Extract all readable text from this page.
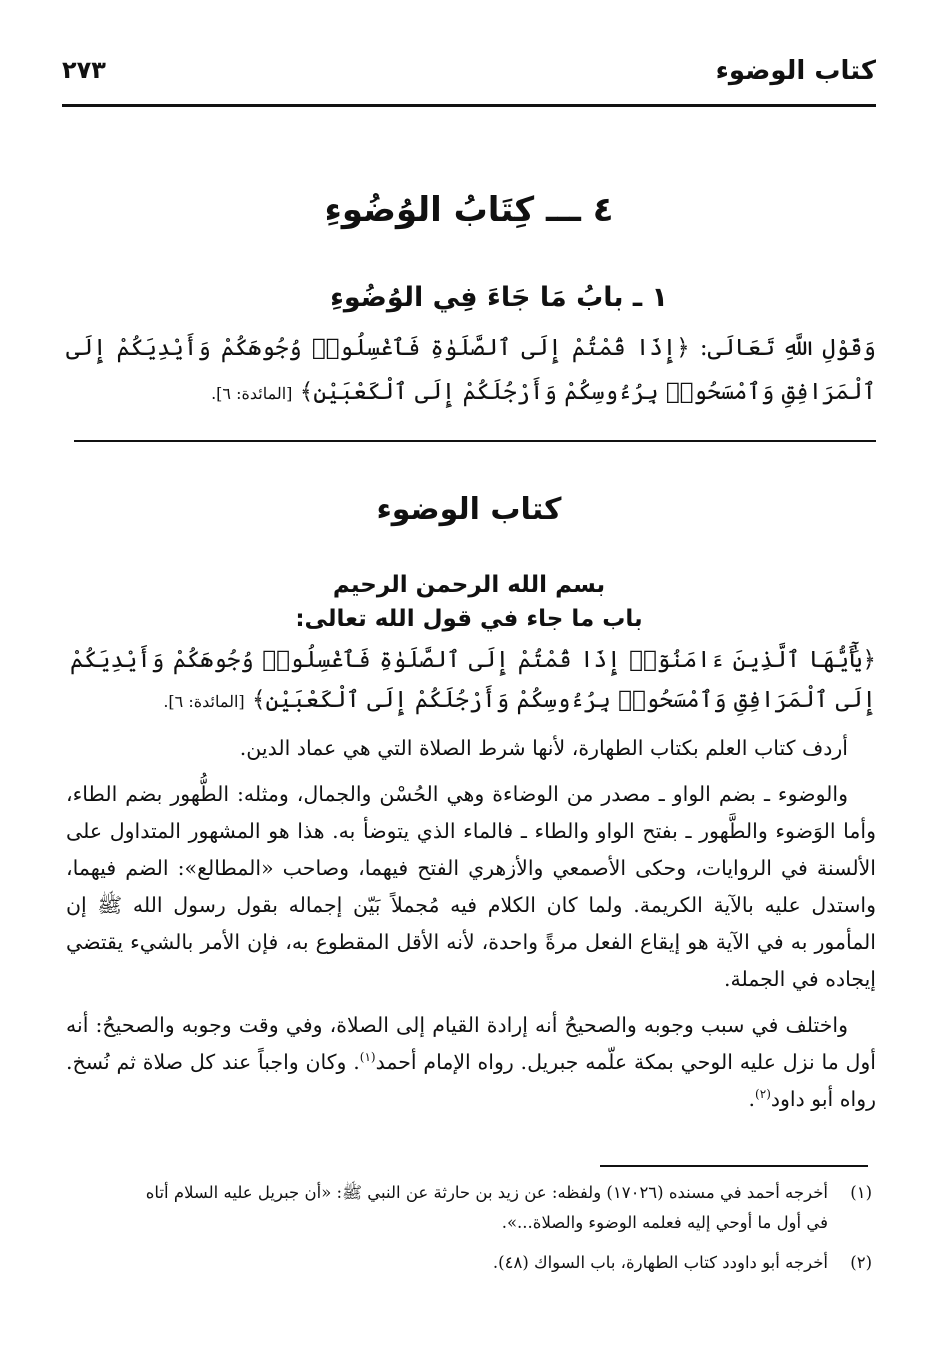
كتاب الوضوء
٢٧٣
٤ ـــ كِتَابُ الوُضُوءِ
١ ـ بابُ مَا جَاءَ فِي الوُضُوءِ
وَقَوْلِ اللَّهِ تَعَالَى: ﴿إِذَا قُمْتُمْ إِلَى ٱلصَّلَوٰةِ فَٱغْسِلُوا۟ وُجُوهَكُمْ وَأَيْدِيَكُمْ إِلَى ٱلْمَرَافِقِ وَٱمْسَحُوا۟ بِرُءُوسِكُمْ وَأَرْجُلَكُمْ إِلَى ٱلْكَعْبَيْنِ﴾ [المائدة: ٦].
كتاب الوضوء
بسم الله الرحمن الرحيم
باب ما جاء في قول الله تعالى:
﴿يَٰٓأَيُّهَا ٱلَّذِينَ ءَامَنُوٓا۟ إِذَا قُمْتُمْ إِلَى ٱلصَّلَوٰةِ فَٱغْسِلُوا۟ وُجُوهَكُمْ وَأَيْدِيَكُمْ إِلَى ٱلْمَرَافِقِ وَٱمْسَحُوا۟ بِرُءُوسِكُمْ وَأَرْجُلَكُمْ إِلَى ٱلْكَعْبَيْنِ﴾ [المائدة: ٦].

أردف كتاب العلم بكتاب الطهارة، لأنها شرط الصلاة التي هي عماد الدين.

والوضوء ـ بضم الواو ـ مصدر من الوضاءة وهي الحُسْن والجمال، ومثله: الطُّهور بضم الطاء، وأما الوَضوء والطَّهور ـ بفتح الواو والطاء ـ فالماء الذي يتوضأ به. هذا هو المشهور المتداول على الألسنة في الروايات، وحكى الأصمعي والأزهري الفتح فيهما، وصاحب «المطالع»: الضم فيهما، واستدل عليه بالآية الكريمة. ولما كان الكلام فيه مُجملاً بَيّن إجماله بقول رسول الله ﷺ إن المأمور به في الآية هو إيقاع الفعل مرةً واحدة، لأنه الأقل المقطوع به، فإن الأمر بالشيء يقتضي إيجاده في الجملة.

واختلف في سبب وجوبه والصحيحُ أنه إرادة القيام إلى الصلاة، وفي وقت وجوبه والصحيحُ: أنه أول ما نزل عليه الوحي بمكة علّمه جبريل. رواه الإمام أحمد$^{(١)}$. وكان واجباً عند كل صلاة ثم نُسخ. رواه أبو داود$^{(٢)}$.

(١)أخرجه أحمد في مسنده (١٧٠٢٦) ولفظه: عن زيد بن حارثة عن النبي ﷺ: «أن جبريل عليه السلام أتاه
في أول ما أوحي إليه فعلمه الوضوء والصلاة...».
(٢)أخرجه أبو داودد كتاب الطهارة، باب السواك (٤٨).
